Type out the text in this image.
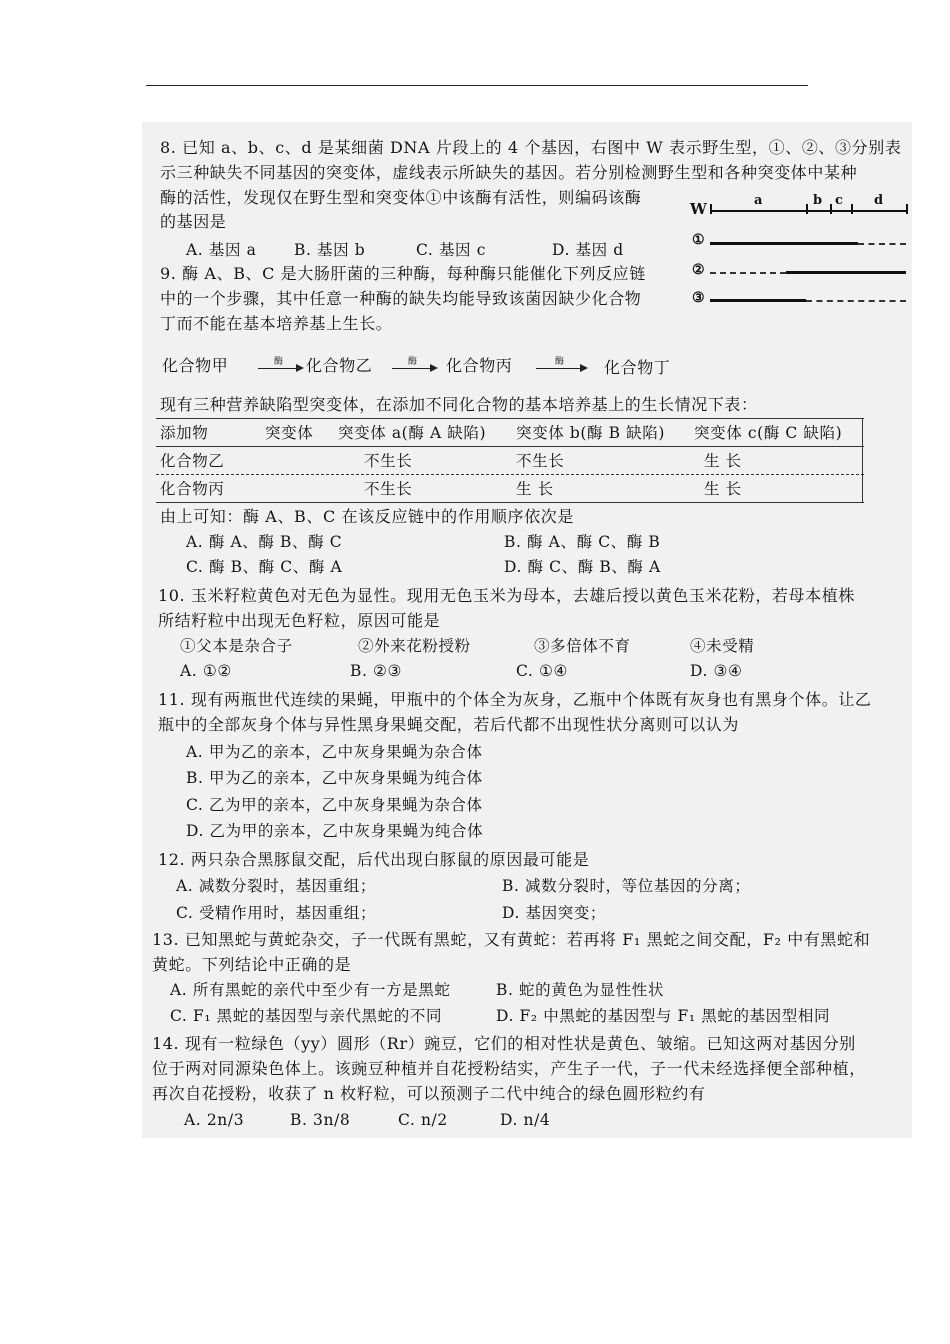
8. 已知 a、b、c、d 是某细菌 DNA 片段上的 4 个基因，右图中 W 表示野生型，①、②、③分别表
示三种缺失不同基因的突变体，虚线表示所缺失的基因。若分别检测野生型和各种突变体中某种
酶的活性，发现仅在野生型和突变体①中该酶有活性，则编码该酶
的基因是
A. 基因 a B. 基因 b	C. 基因 c	D. 基因 d
W	a	b c d
①
②
③
9. 酶 A、B、C 是大肠肝菌的三种酶，每种酶只能催化下列反应链
中的一个步骤，其中任意一种酶的缺失均能导致该菌因缺少化合物
丁而不能在基本培养基上生长。
化合物甲	酶 化合物乙	酶 化合物丙	酶 化合物丁
现有三种营养缺陷型突变体，在添加不同化合物的基本培养基上的生长情况下表：
添加物	突变体 突变体 a(酶 A 缺陷) 突变体 b(酶 B 缺陷) 突变体 c(酶 C 缺陷)
化合物乙	不生长	不生长	生 长
化合物丙	不生长	生 长	生 长
由上可知：酶 A、B、C 在该反应链中的作用顺序依次是
A. 酶 A、酶 B、酶 C	B. 酶 A、酶 C、酶 B
C. 酶 B、酶 C、酶 A	D. 酶 C、酶 B、酶 A
10. 玉米籽粒黄色对无色为显性。现用无色玉米为母本，去雄后授以黄色玉米花粉，若母本植株
所结籽粒中出现无色籽粒，原因可能是
①父本是杂合子	②外来花粉授粉	③多倍体不育	④未受精
A. ①②	B. ②③	C. ①④	D. ③④
11. 现有两瓶世代连续的果蝇，甲瓶中的个体全为灰身，乙瓶中个体既有灰身也有黑身个体。让乙
瓶中的全部灰身个体与异性黑身果蝇交配，若后代都不出现性状分离则可以认为
A. 甲为乙的亲本，乙中灰身果蝇为杂合体
B. 甲为乙的亲本，乙中灰身果蝇为纯合体
C. 乙为甲的亲本，乙中灰身果蝇为杂合体
D. 乙为甲的亲本，乙中灰身果蝇为纯合体
12. 两只杂合黑豚鼠交配，后代出现白豚鼠的原因最可能是
A. 减数分裂时，基因重组；	B. 减数分裂时，等位基因的分离；
C. 受精作用时，基因重组；	D. 基因突变；
13. 已知黑蛇与黄蛇杂交，子一代既有黑蛇，又有黄蛇：若再将 F₁ 黑蛇之间交配，F₂ 中有黑蛇和
黄蛇。下列结论中正确的是
A. 所有黑蛇的亲代中至少有一方是黑蛇	B. 蛇的黄色为显性性状
C. F₁ 黑蛇的基因型与亲代黑蛇的不同	D. F₂ 中黑蛇的基因型与 F₁ 黑蛇的基因型相同
14. 现有一粒绿色（yy）圆形（Rr）豌豆，它们的相对性状是黄色、皱缩。已知这两对基因分别
位于两对同源染色体上。该豌豆种植并自花授粉结实，产生子一代，子一代未经选择便全部种植，
再次自花授粉，收获了 n 枚籽粒，可以预测子二代中纯合的绿色圆形粒约有
A. 2n/3	B. 3n/8	C. n/2	D. n/4
